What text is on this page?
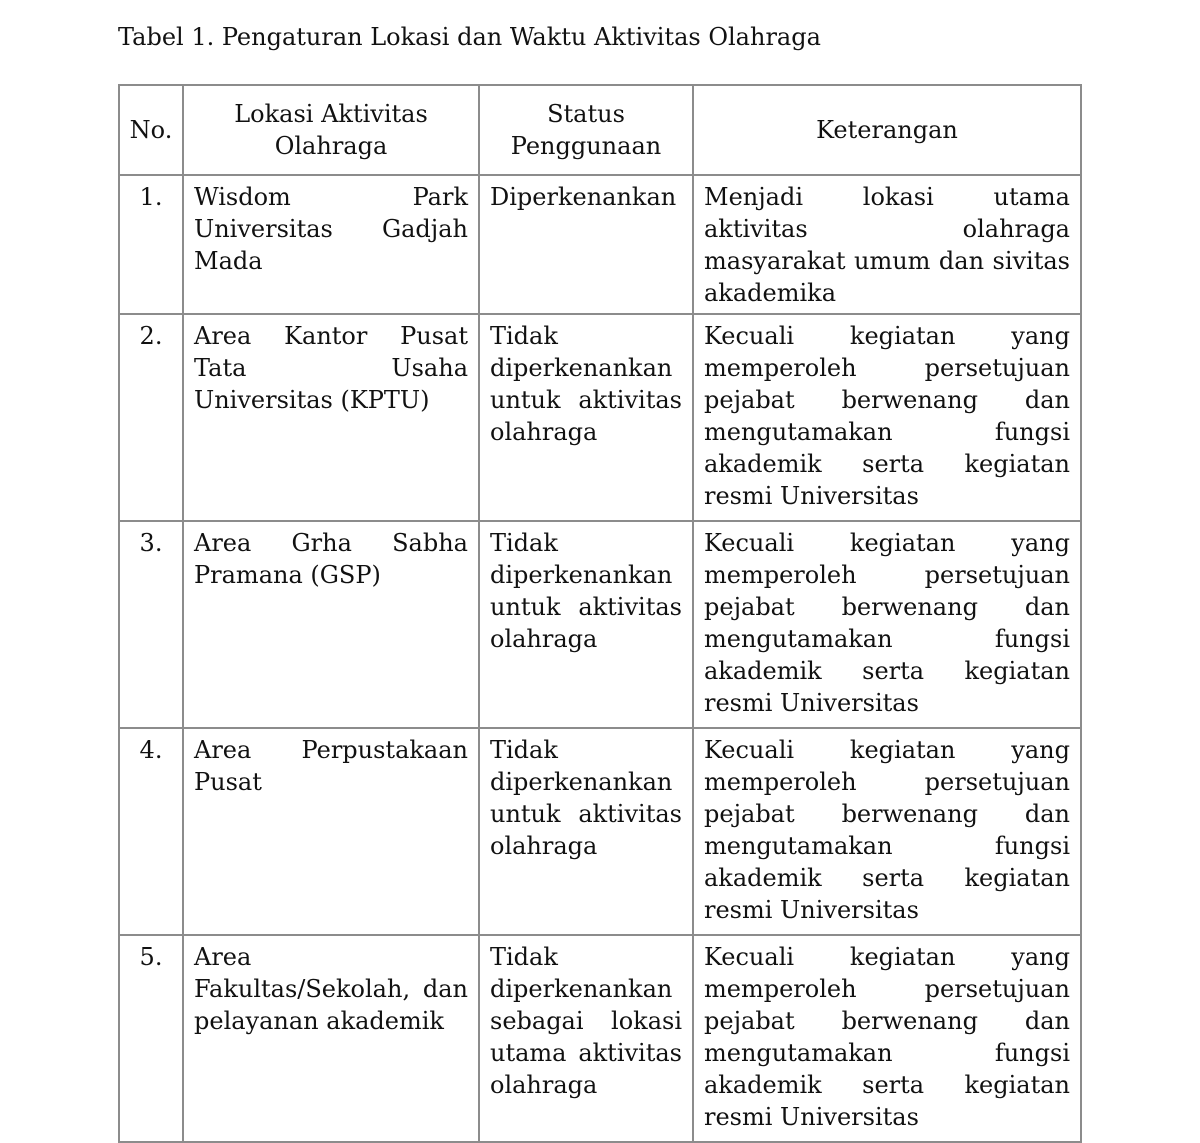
Tabel 1. Pengaturan Lokasi dan Waktu Aktivitas Olahraga
No.	Lokasi Aktivitas Olahraga	Status Penggunaan	Keterangan
1.	Wisdom Park Universitas Gadjah Mada	Diperkenankan	Menjadi lokasi utama aktivitas olahraga masyarakat umum dan sivitas akademika
2.	Area Kantor Pusat Tata Usaha Universitas (KPTU)	Tidak diperkenankan untuk aktivitas olahraga	Kecuali kegiatan yang memperoleh persetujuan pejabat berwenang dan mengutamakan fungsi akademik serta kegiatan resmi Universitas
3.	Area Grha Sabha Pramana (GSP)	Tidak diperkenankan untuk aktivitas olahraga	Kecuali kegiatan yang memperoleh persetujuan pejabat berwenang dan mengutamakan fungsi akademik serta kegiatan resmi Universitas
4.	Area Perpustakaan Pusat	Tidak diperkenankan untuk aktivitas olahraga	Kecuali kegiatan yang memperoleh persetujuan pejabat berwenang dan mengutamakan fungsi akademik serta kegiatan resmi Universitas
5.	Area Fakultas/Sekolah, dan pelayanan akademik	Tidak diperkenankan sebagai lokasi utama aktivitas olahraga	Kecuali kegiatan yang memperoleh persetujuan pejabat berwenang dan mengutamakan fungsi akademik serta kegiatan resmi Universitas
